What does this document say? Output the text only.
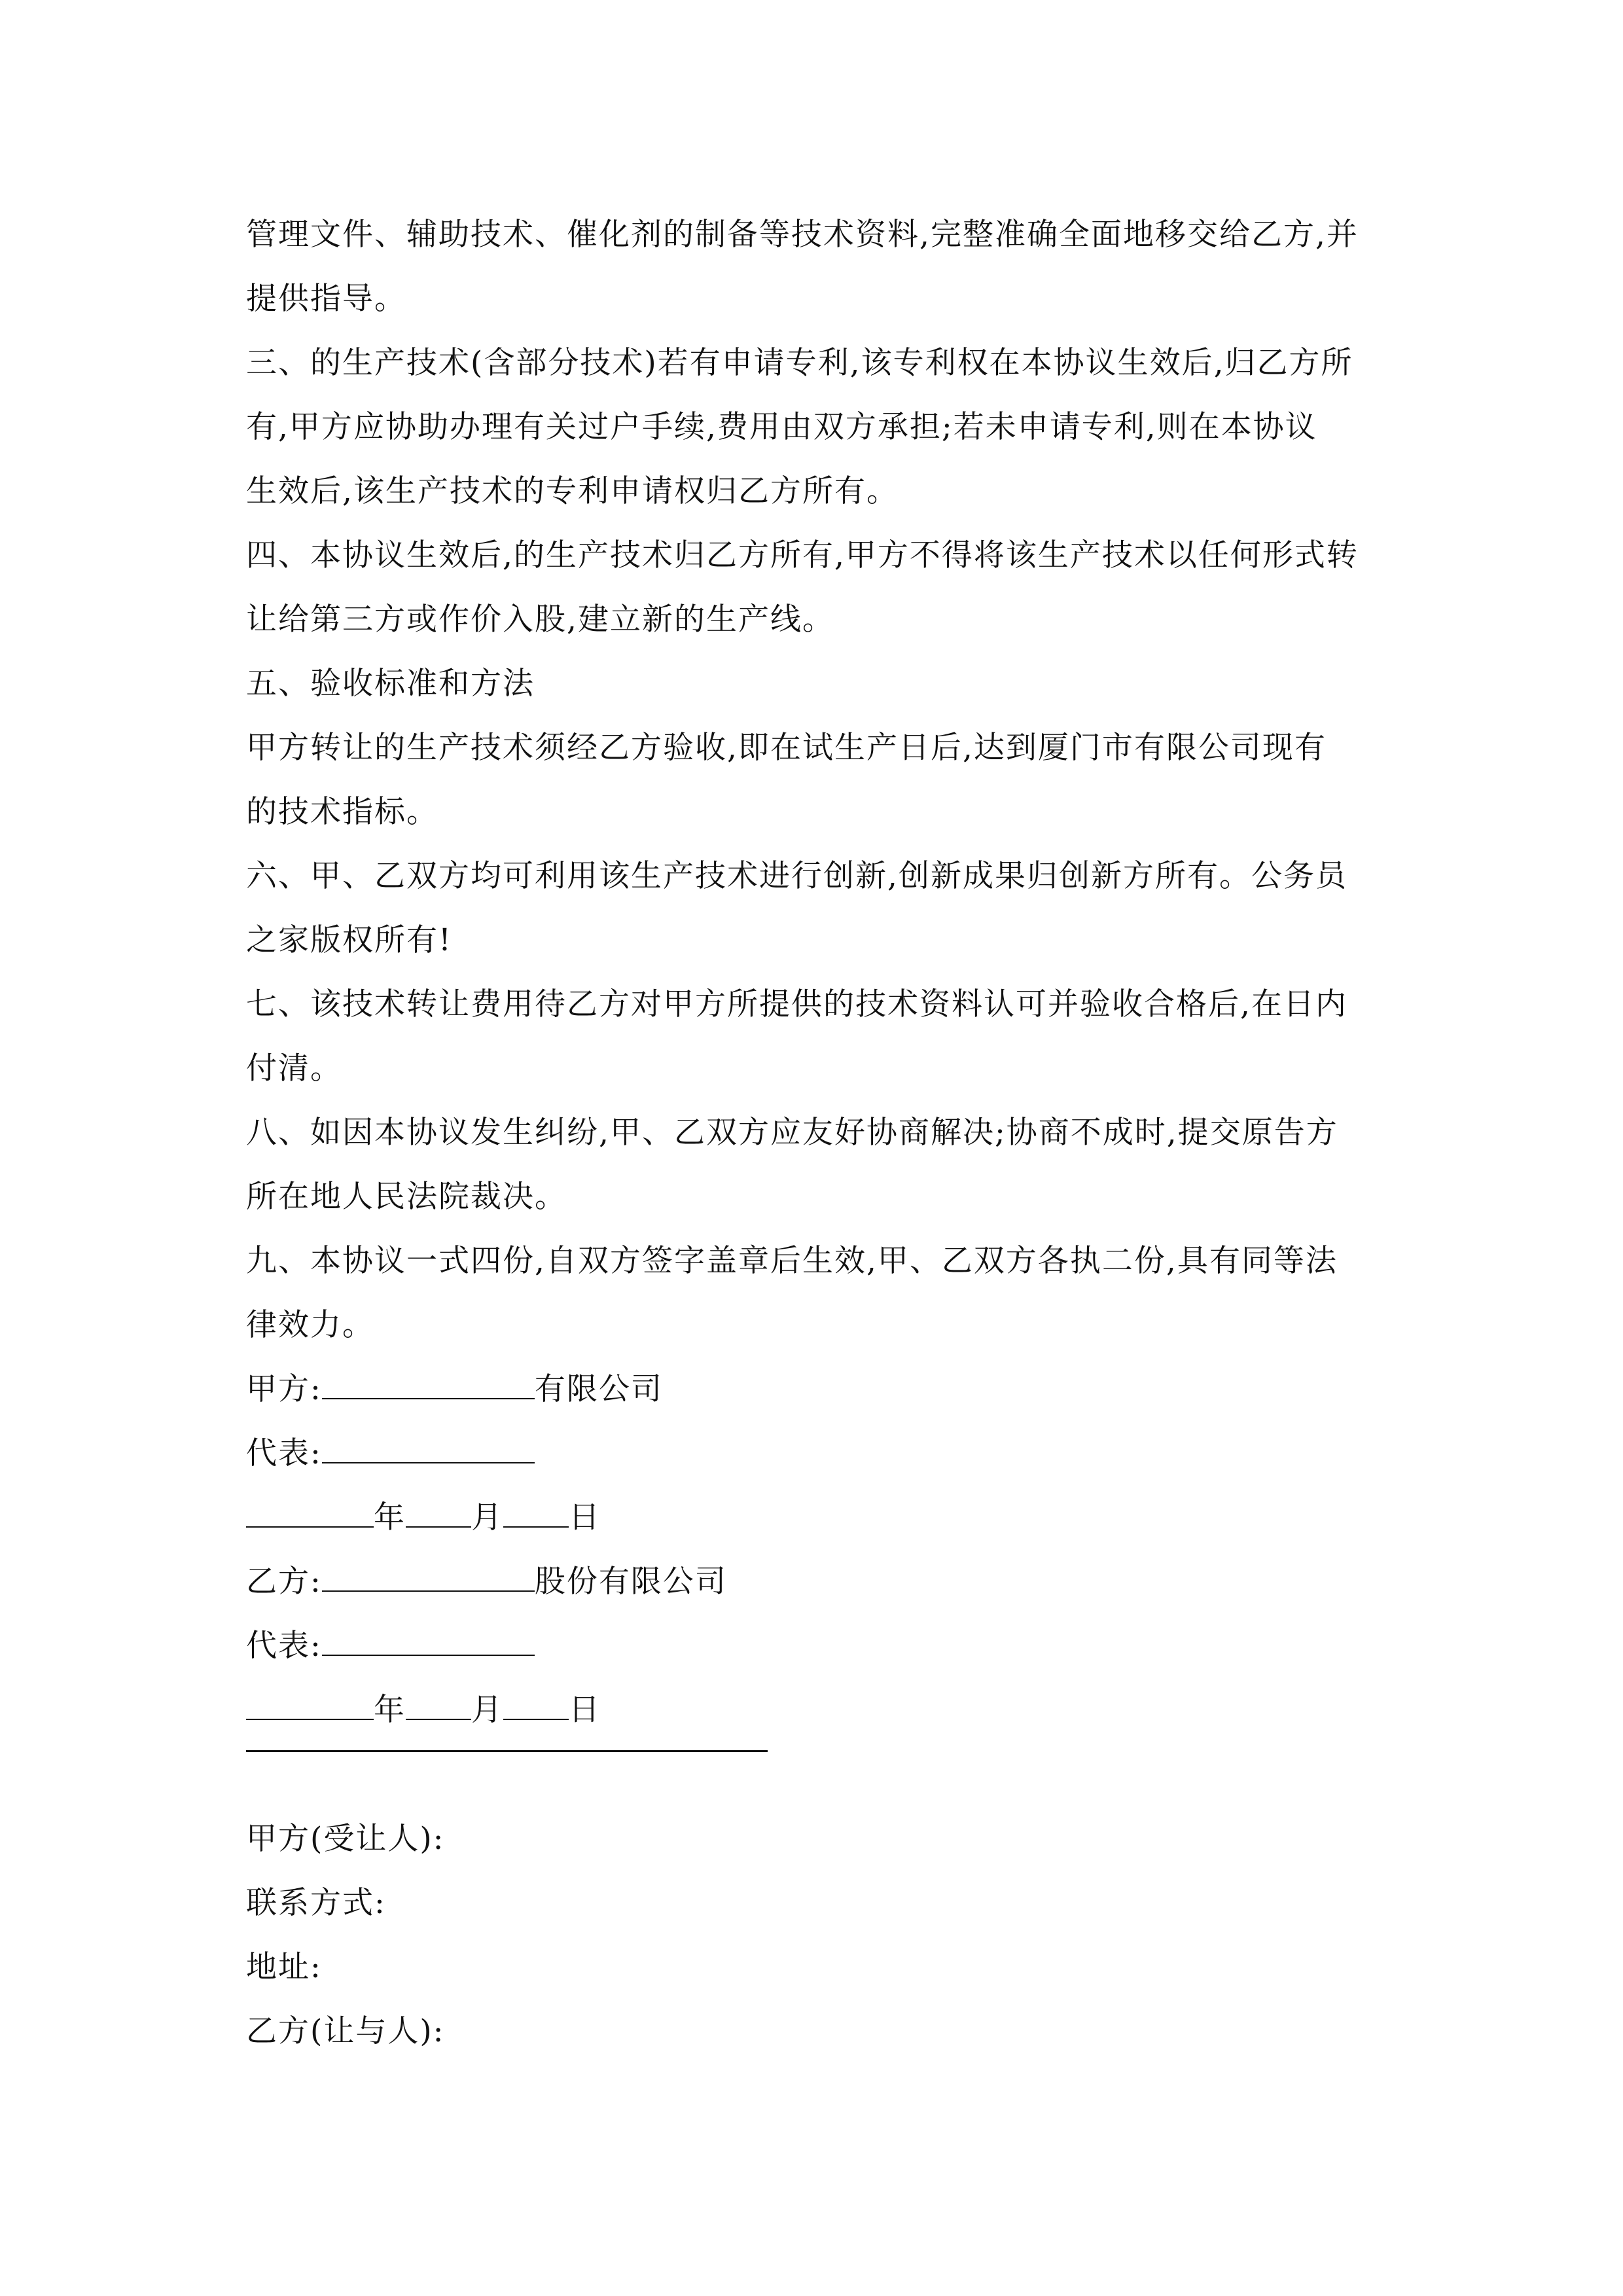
管理文件、辅助技术、催化剂的制备等技术资料,完整准确全面地移交给乙方,并
提供指导。
三、的生产技术(含部分技术)若有申请专利,该专利权在本协议生效后,归乙方所
有,甲方应协助办理有关过户手续,费用由双方承担;若未申请专利,则在本协议
生效后,该生产技术的专利申请权归乙方所有。
四、本协议生效后,的生产技术归乙方所有,甲方不得将该生产技术以任何形式转
让给第三方或作价入股,建立新的生产线。
五、验收标准和方法
甲方转让的生产技术须经乙方验收,即在试生产日后,达到厦门市有限公司现有
的技术指标。
六、甲、乙双方均可利用该生产技术进行创新,创新成果归创新方所有。公务员
之家版权所有!
七、该技术转让费用待乙方对甲方所提供的技术资料认可并验收合格后,在日内
付清。
八、如因本协议发生纠纷,甲、乙双方应友好协商解决;协商不成时,提交原告方
所在地人民法院裁决。
九、本协议一式四份,自双方签字盖章后生效,甲、乙双方各执二份,具有同等法
律效力。
甲方:	有限公司
代表:
年 月 日
乙方:	股份有限公司
代表:
年 月 日
甲方(受让人):
联系方式:
地址:
乙方(让与人):
